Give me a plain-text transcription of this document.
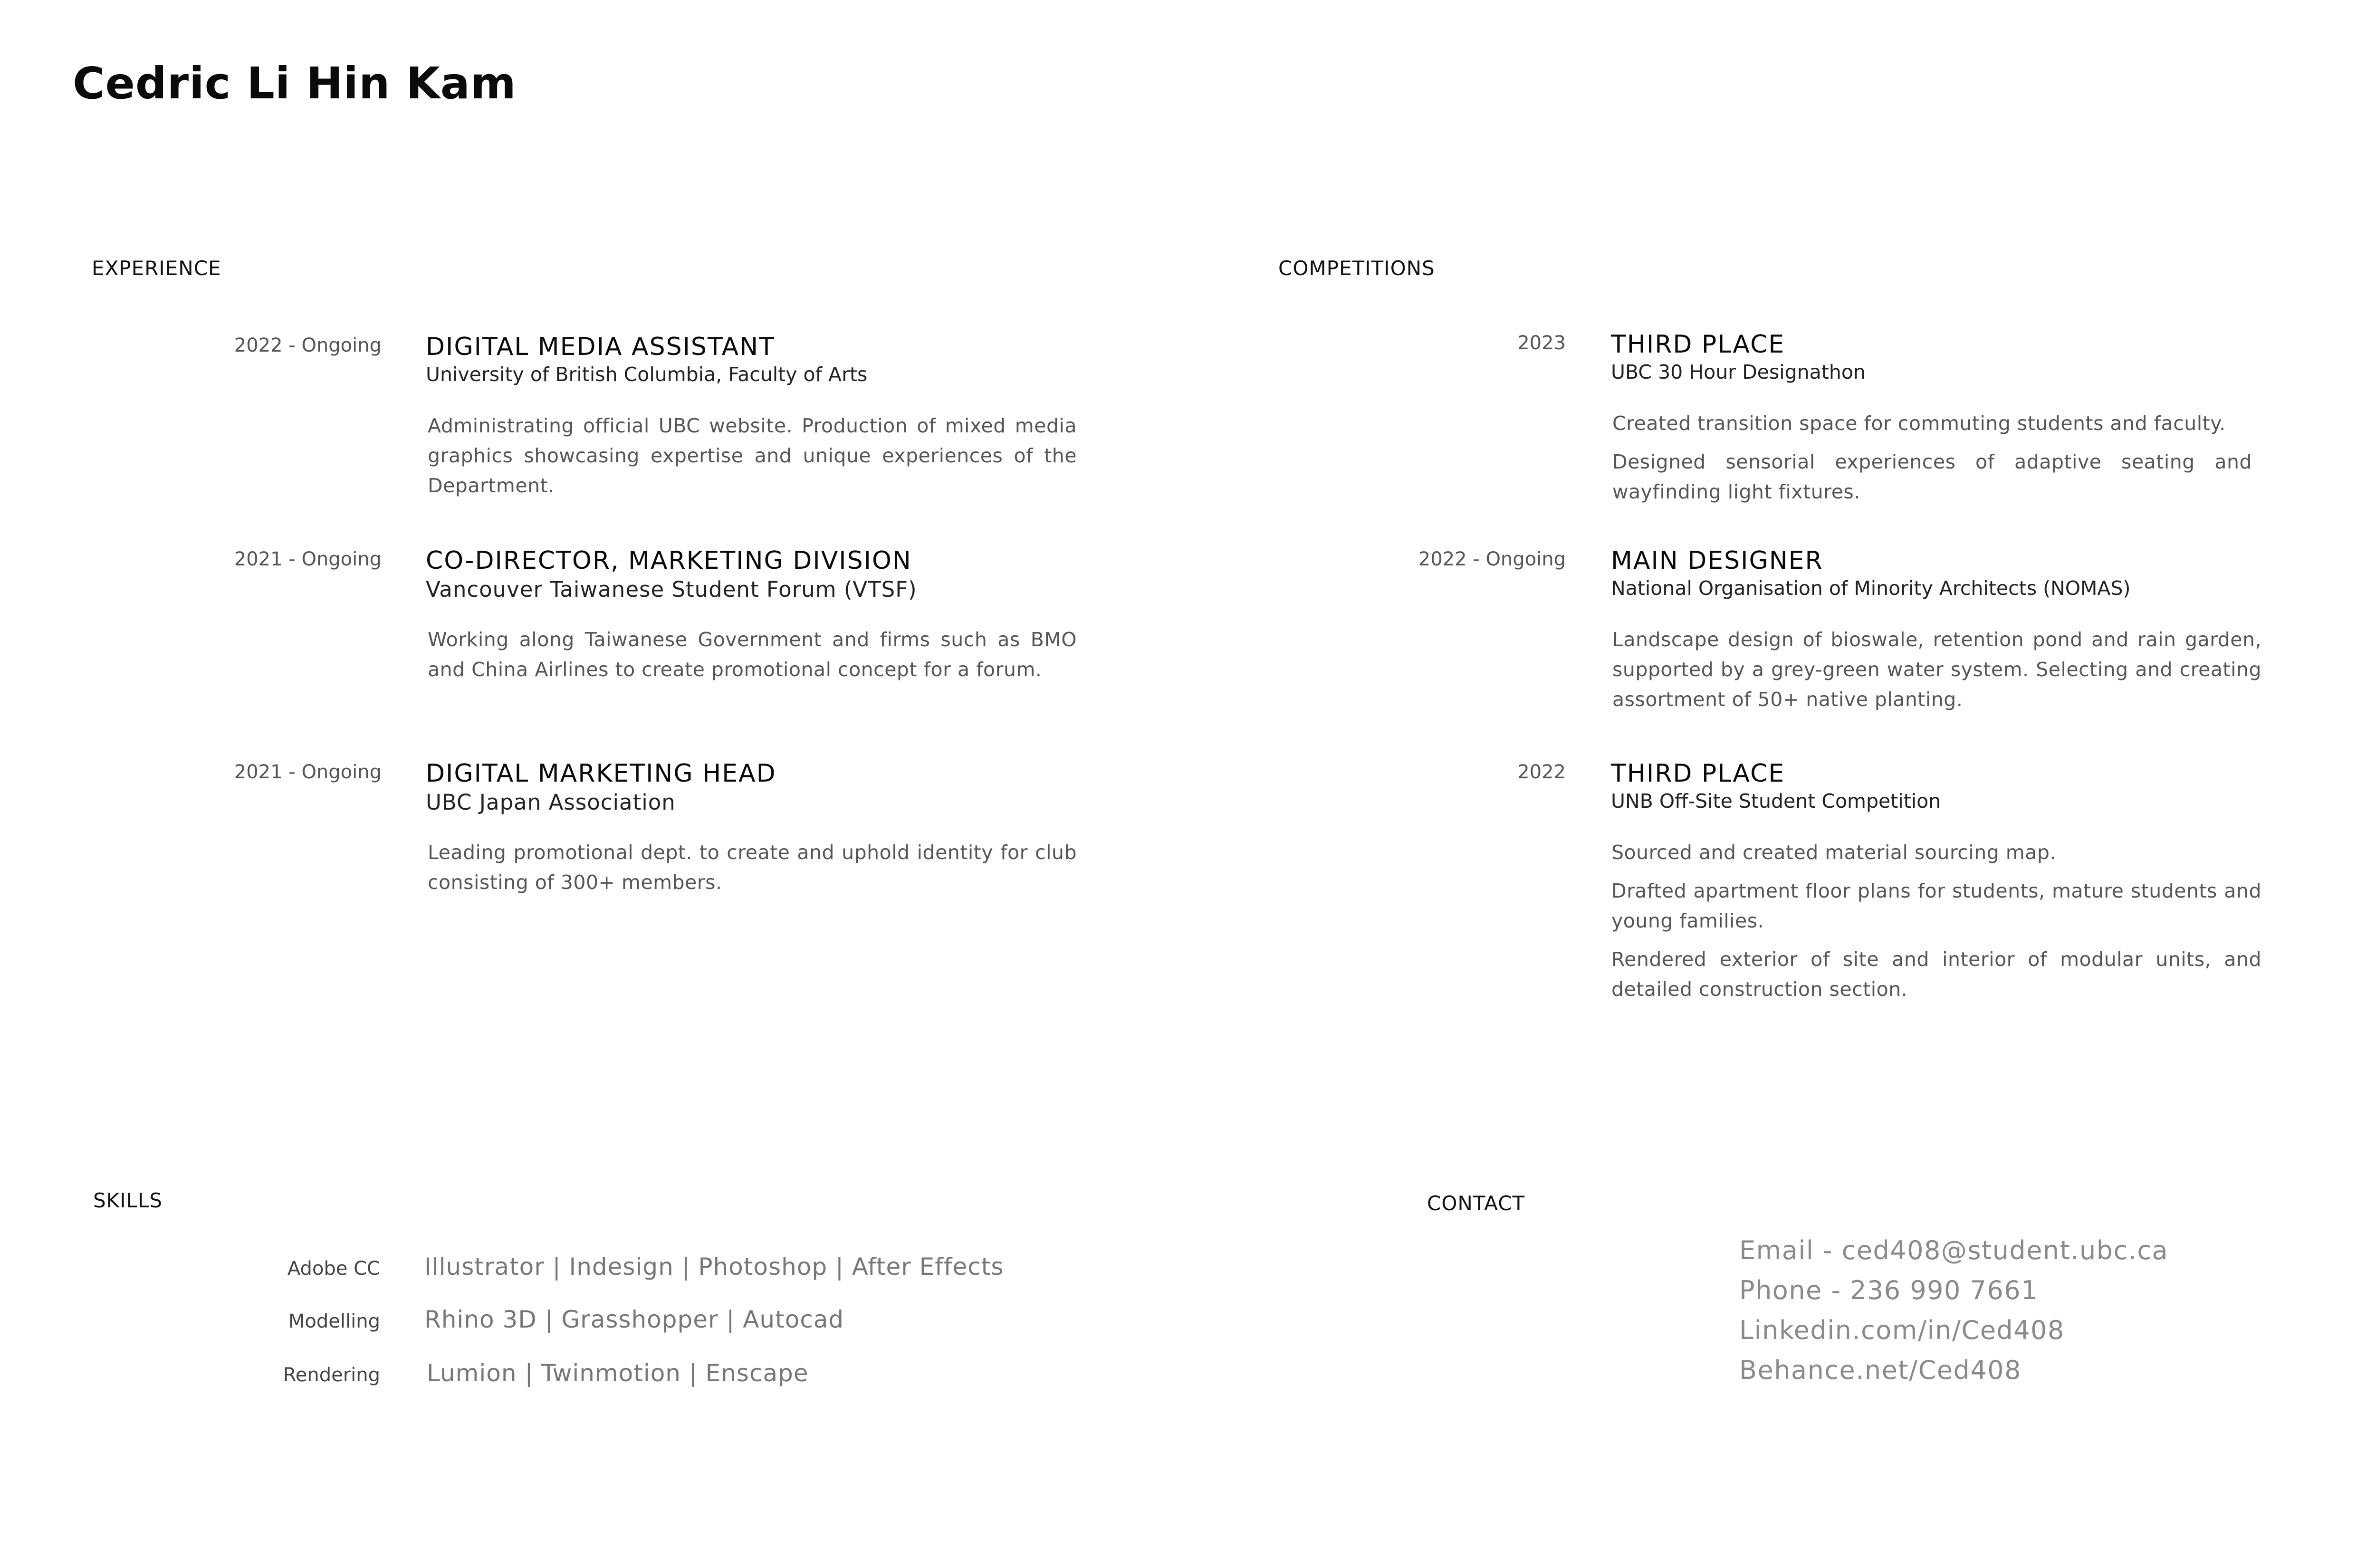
Cedric Li Hin Kam
EXPERIENCE
2022 - Ongoing DIGITAL MEDIA ASSISTANT
University of British Columbia, Faculty of Arts

Administrating official UBC website. Production of mixed media graphics showcasing expertise and unique experiences of the Department.

2021 - Ongoing CO-DIRECTOR, MARKETING DIVISION
Vancouver Taiwanese Student Forum (VTSF)

Working along Taiwanese Government and firms such as BMO and China Airlines to create promotional concept for a forum.

2021 - Ongoing DIGITAL MARKETING HEAD
UBC Japan Association

Leading promotional dept. to create and uphold identity for club consisting of 300+ members.

COMPETITIONS
2023 THIRD PLACE
UBC 30 Hour Designathon

Created transition space for commuting students and faculty.

Designed sensorial experiences of adaptive seating and wayfinding light fixtures.

2022 - Ongoing MAIN DESIGNER
National Organisation of Minority Architects (NOMAS)

Landscape design of bioswale, retention pond and rain garden, supported by a grey-green water system. Selecting and creating assortment of 50+ native planting.

2022 THIRD PLACE
UNB Off-Site Student Competition

Sourced and created material sourcing map.

Drafted apartment floor plans for students, mature students and young families.

Rendered exterior of site and interior of modular units, and detailed construction section.

SKILLS
Adobe CC Illustrator | Indesign | Photoshop | After Effects
Modelling Rhino 3D | Grasshopper | Autocad
Rendering Lumion | Twinmotion | Enscape
CONTACT
Email - ced408@student.ubc.ca
Phone - 236 990 7661
Linkedin.com/in/Ced408
Behance.net/Ced408
